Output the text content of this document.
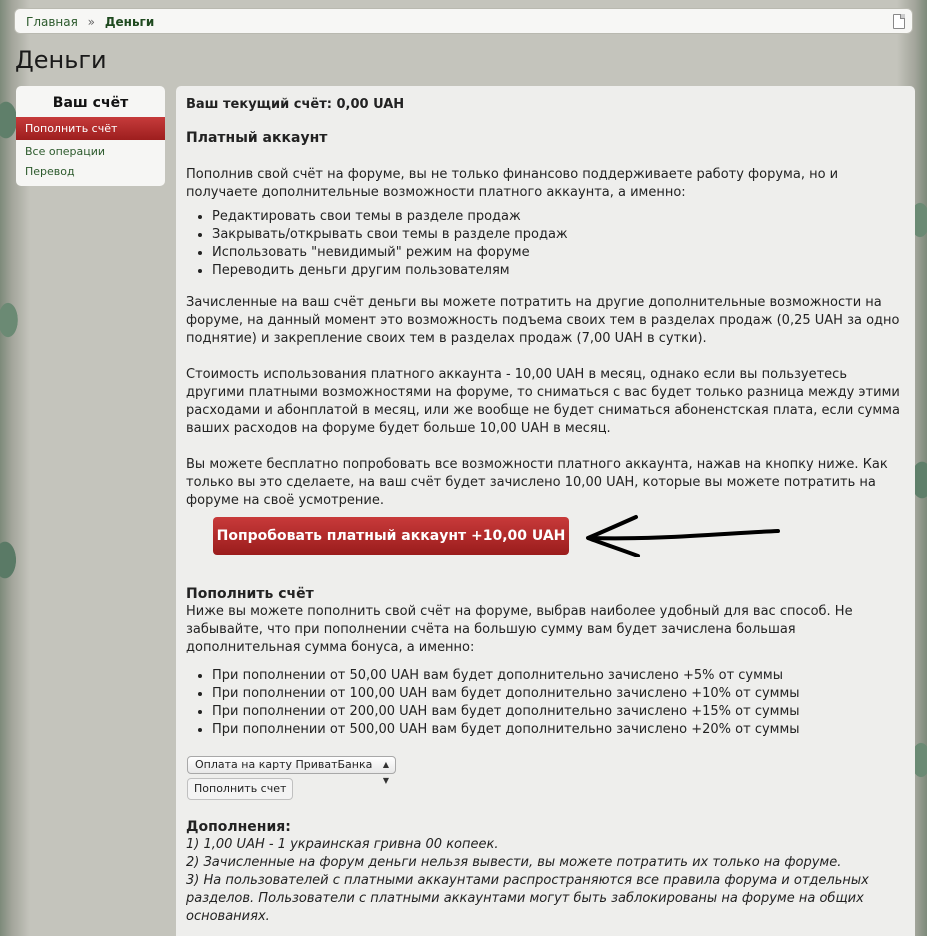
Главная » Деньги
Деньги
Ваш счёт
Пополнить счёт
Все операции
Перевод

Ваш текущий счёт: 0,00 UAH

Платный аккаунт

Пополнив свой счёт на форуме, вы не только финансово поддерживаете работу форума, но и получаете дополнительные возможности платного аккаунта, а именно:

• Редактировать свои темы в разделе продаж
• Закрывать/открывать свои темы в разделе продаж
• Использовать "невидимый" режим на форуме
• Переводить деньги другим пользователям

Зачисленные на ваш счёт деньги вы можете потратить на другие дополнительные возможности на форуме, на данный момент это возможность подъема своих тем в разделах продаж (0,25 UAH за одно поднятие) и закрепление своих тем в разделах продаж (7,00 UAH в сутки).

Стоимость использования платного аккаунта - 10,00 UAH в месяц, однако если вы пользуетесь другими платными возможностями на форуме, то сниматься с вас будет только разница между этими расходами и абонплатой в месяц, или же вообще не будет сниматься абоненстская плата, если сумма ваших расходов на форуме будет больше 10,00 UAH в месяц.

Вы можете бесплатно попробовать все возможности платного аккаунта, нажав на кнопку ниже. Как только вы это сделаете, на ваш счёт будет зачислено 10,00 UAH, которые вы можете потратить на форуме на своё усмотрение.

Попробовать платный аккаунт +10,00 UAH

Пополнить счёт

Ниже вы можете пополнить свой счёт на форуме, выбрав наиболее удобный для вас способ. Не забывайте, что при пополнении счёта на большую сумму вам будет зачислена большая дополнительная сумма бонуса, а именно:

• При пополнении от 50,00 UAH вам будет дополнительно зачислено +5% от суммы
• При пополнении от 100,00 UAH вам будет дополнительно зачислено +10% от суммы
• При пополнении от 200,00 UAH вам будет дополнительно зачислено +15% от суммы
• При пополнении от 500,00 UAH вам будет дополнительно зачислено +20% от суммы
Оплата на карту ПриватБанка ▲
▼
Пополнить счет

Дополнения:

1) 1,00 UAH - 1 украинская гривна 00 копеек.

2) Зачисленные на форум деньги нельзя вывести, вы можете потратить их только на форуме.

3) На пользователей с платными аккаунтами распространяются все правила форума и отдельных разделов. Пользователи с платными аккаунтами могут быть заблокированы на форуме на общих основаниях.
